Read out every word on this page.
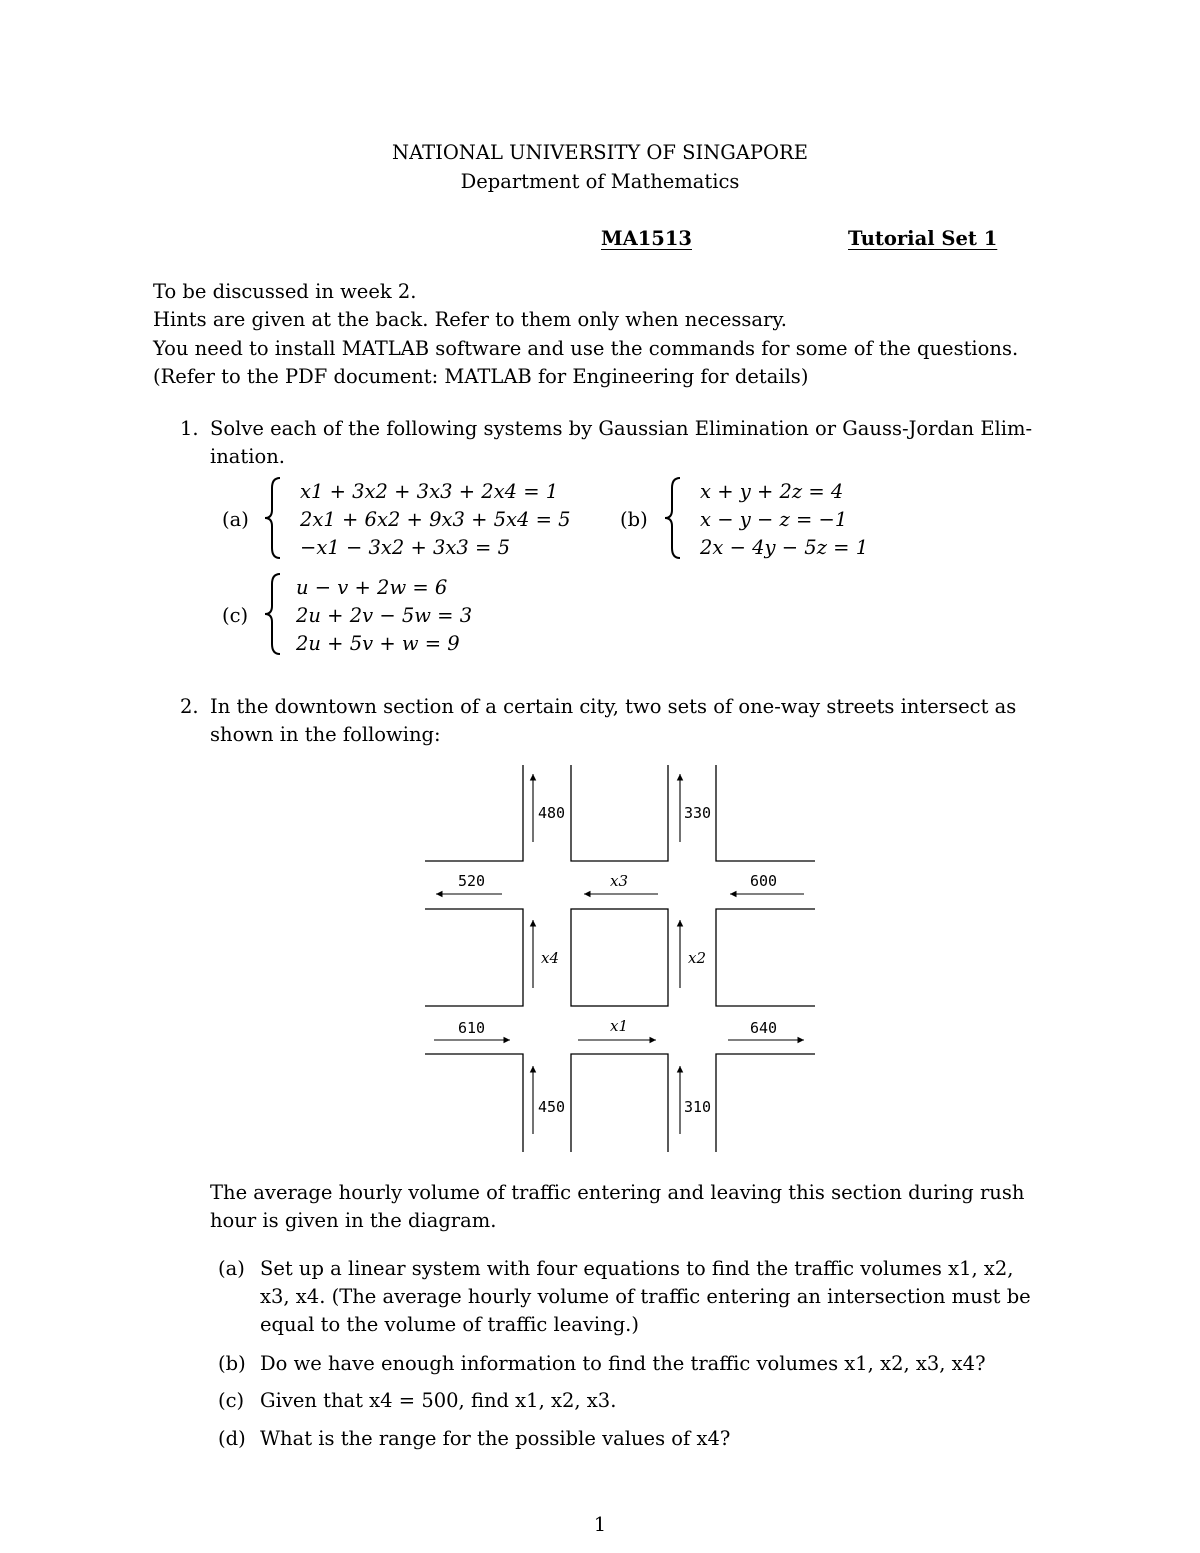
NATIONAL UNIVERSITY OF SINGAPORE
Department of Mathematics
MA1513	Tutorial Set 1
To be discussed in week 2.
Hints are given at the back. Refer to them only when necessary.
You need to install MATLAB software and use the commands for some of the questions.
(Refer to the PDF document: MATLAB for Engineering for details)
1. Solve each of the following systems by Gaussian Elimination or Gauss-Jordan Elim-
ination.
(a)
x1 + 3x2 + 3x3 + 2x4 = 1
2x1 + 6x2 + 9x3 + 5x4 = 5
−x1 − 3x2 + 3x3 = 5
(b)
x + y + 2z = 4
x − y − z = −1
2x − 4y − 5z = 1
(c)
u − v + 2w = 6
2u + 2v − 5w = 3
2u + 5v + w = 9
2. In the downtown section of a certain city, two sets of one-way streets intersect as
shown in the following:
480	330
520	x3	600
x4	x2
610	x1	640
450	310
The average hourly volume of traffic entering and leaving this section during rush
hour is given in the diagram.
(a) Set up a linear system with four equations to find the traffic volumes x1, x2,
x3, x4. (The average hourly volume of traffic entering an intersection must be
equal to the volume of traffic leaving.)
(b) Do we have enough information to find the traffic volumes x1, x2, x3, x4?
(c) Given that x4 = 500, find x1, x2, x3.
(d) What is the range for the possible values of x4?
1
